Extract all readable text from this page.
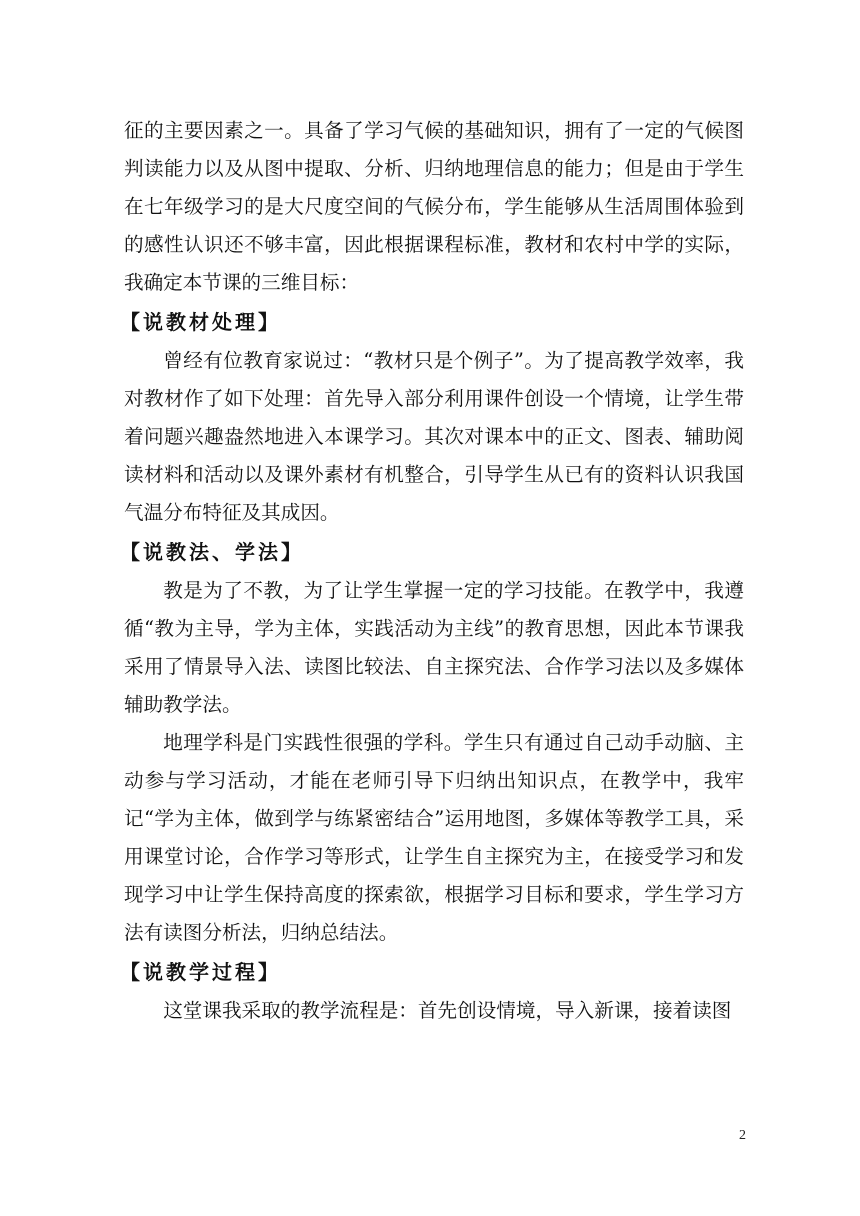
征的主要因素之一。具备了学习气候的基础知识，拥有了一定的气候图判读能力以及从图中提取、分析、归纳地理信息的能力；但是由于学生在七年级学习的是大尺度空间的气候分布，学生能够从生活周围体验到的感性认识还不够丰富，因此根据课程标准，教材和农村中学的实际，我确定本节课的三维目标：

【说教材处理】

曾经有位教育家说过：“教材只是个例子”。为了提高教学效率，我对教材作了如下处理：首先导入部分利用课件创设一个情境，让学生带着问题兴趣盎然地进入本课学习。其次对课本中的正文、图表、辅助阅读材料和活动以及课外素材有机整合，引导学生从已有的资料认识我国气温分布特征及其成因。

【说教法、学法】

教是为了不教，为了让学生掌握一定的学习技能。在教学中，我遵循“教为主导，学为主体，实践活动为主线”的教育思想，因此本节课我采用了情景导入法、读图比较法、自主探究法、合作学习法以及多媒体辅助教学法。

地理学科是门实践性很强的学科。学生只有通过自己动手动脑、主动参与学习活动，才能在老师引导下归纳出知识点，在教学中，我牢记“学为主体，做到学与练紧密结合”运用地图，多媒体等教学工具，采用课堂讨论，合作学习等形式，让学生自主探究为主，在接受学习和发现学习中让学生保持高度的探索欲，根据学习目标和要求，学生学习方法有读图分析法，归纳总结法。

【说教学过程】

这堂课我采取的教学流程是：首先创设情境，导入新课，接着读图

2
